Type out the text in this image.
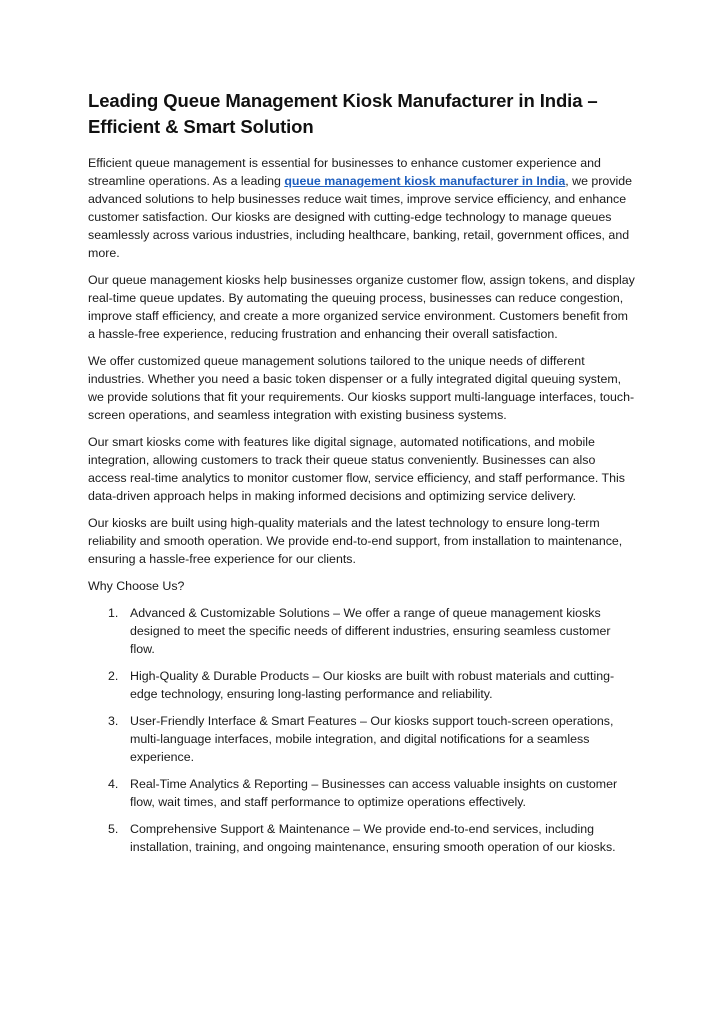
Leading Queue Management Kiosk Manufacturer in India – Efficient & Smart Solution

Efficient queue management is essential for businesses to enhance customer experience and streamline operations. As a leading queue management kiosk manufacturer in India, we provide advanced solutions to help businesses reduce wait times, improve service efficiency, and enhance customer satisfaction. Our kiosks are designed with cutting-edge technology to manage queues seamlessly across various industries, including healthcare, banking, retail, government offices, and more.

Our queue management kiosks help businesses organize customer flow, assign tokens, and display real-time queue updates. By automating the queuing process, businesses can reduce congestion, improve staff efficiency, and create a more organized service environment. Customers benefit from a hassle-free experience, reducing frustration and enhancing their overall satisfaction.

We offer customized queue management solutions tailored to the unique needs of different industries. Whether you need a basic token dispenser or a fully integrated digital queuing system, we provide solutions that fit your requirements. Our kiosks support multi-language interfaces, touch-screen operations, and seamless integration with existing business systems.

Our smart kiosks come with features like digital signage, automated notifications, and mobile integration, allowing customers to track their queue status conveniently. Businesses can also access real-time analytics to monitor customer flow, service efficiency, and staff performance. This data-driven approach helps in making informed decisions and optimizing service delivery.

Our kiosks are built using high-quality materials and the latest technology to ensure long-term reliability and smooth operation. We provide end-to-end support, from installation to maintenance, ensuring a hassle-free experience for our clients.

Why Choose Us?

1. Advanced & Customizable Solutions – We offer a range of queue management kiosks designed to meet the specific needs of different industries, ensuring seamless customer flow.
2. High-Quality & Durable Products – Our kiosks are built with robust materials and cutting-edge technology, ensuring long-lasting performance and reliability.
3. User-Friendly Interface & Smart Features – Our kiosks support touch-screen operations, multi-language interfaces, mobile integration, and digital notifications for a seamless experience.
4. Real-Time Analytics & Reporting – Businesses can access valuable insights on customer flow, wait times, and staff performance to optimize operations effectively.
5. Comprehensive Support & Maintenance – We provide end-to-end services, including installation, training, and ongoing maintenance, ensuring smooth operation of our kiosks.
